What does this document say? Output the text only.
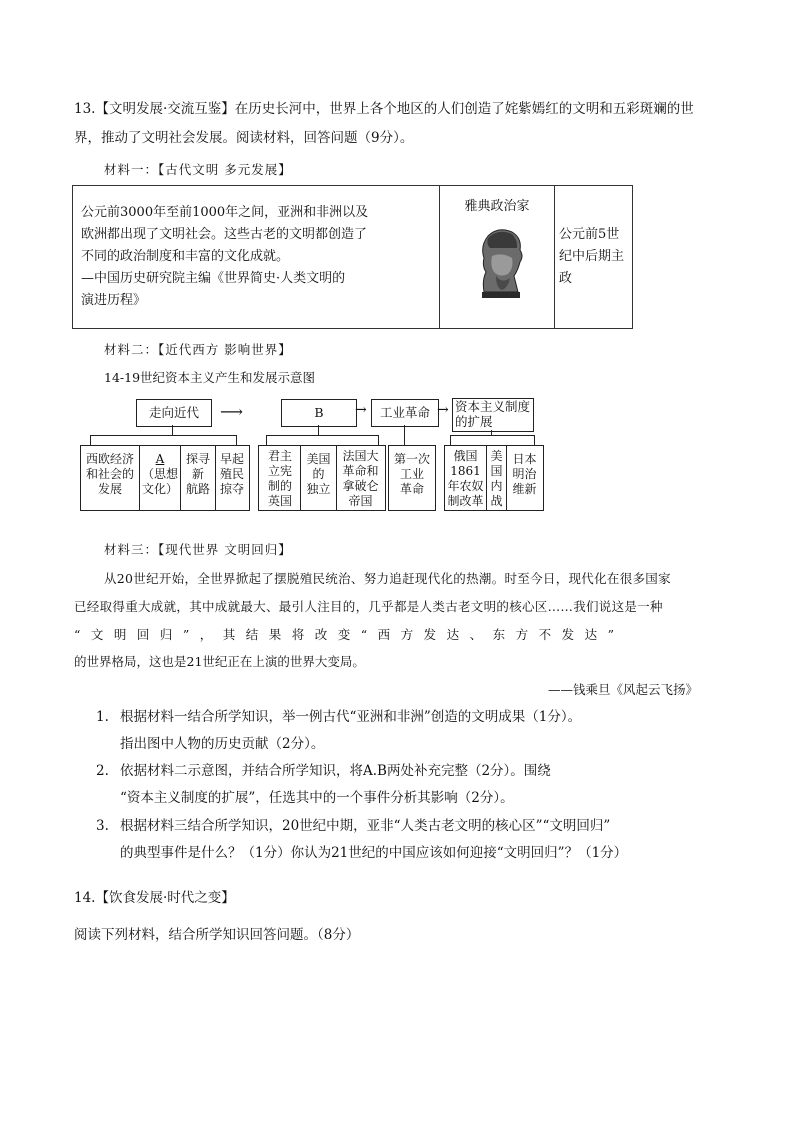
13.【文明发展·交流互鉴】在历史长河中，世界上各个地区的人们创造了姹紫嫣红的文明和五彩斑斓的世
界，推动了文明社会发展。阅读材料，回答问题（9分）。
材料一：【古代文明 多元发展】
公元前3000年至前1000年之间，亚洲和非洲以及
欧洲都出现了文明社会。这些古老的文明都创造了
不同的政治制度和丰富的文化成就。
—中国历史研究院主编《世界简史·人类文明的
演进历程》

雅典政治家

公元前5世
纪中后期主
政
材料二：【近代西方 影响世界】
14-19世纪资本主义产生和发展示意图
走向近代	⟶	B	→	工业革命 → 资本主义制度
的扩展
西欧经济
和社会的
发展
A
（思想
文化）
探寻
新
航路
早起
殖民
掠夺
君主
立宪
制的
英国
美国
的
独立
法国大
革命和
拿破仑
帝国
第一次
工业
革命
俄国
1861
年农奴
制改革
美
国
内
战
日本
明治
维新
材料三：【现代世界 文明回归】
从20世纪开始，全世界掀起了摆脱殖民统治、努力追赶现代化的热潮。时至今日，现代化在很多国家
已经取得重大成就，其中成就最大、最引人注目的，几乎都是人类古老文明的核心区……我们说这是一种
“文明回归”，其结果将改变“西方发达、东方不发达”
的世界格局，这也是21世纪正在上演的世界大变局。
——钱乘旦《风起云飞扬》
1. 根据材料一结合所学知识，举一例古代“亚洲和非洲”创造的文明成果（1分）。
指出图中人物的历史贡献（2分）。
2. 依据材料二示意图，并结合所学知识，将A.B两处补充完整（2分）。围绕
“资本主义制度的扩展”，任选其中的一个事件分析其影响（2分）。
3. 根据材料三结合所学知识，20世纪中期，亚非“人类古老文明的核心区”“文明回归”
的典型事件是什么？（1分）你认为21世纪的中国应该如何迎接“文明回归”？（1分）
14.【饮食发展·时代之变】
阅读下列材料，结合所学知识回答问题。（8分）
